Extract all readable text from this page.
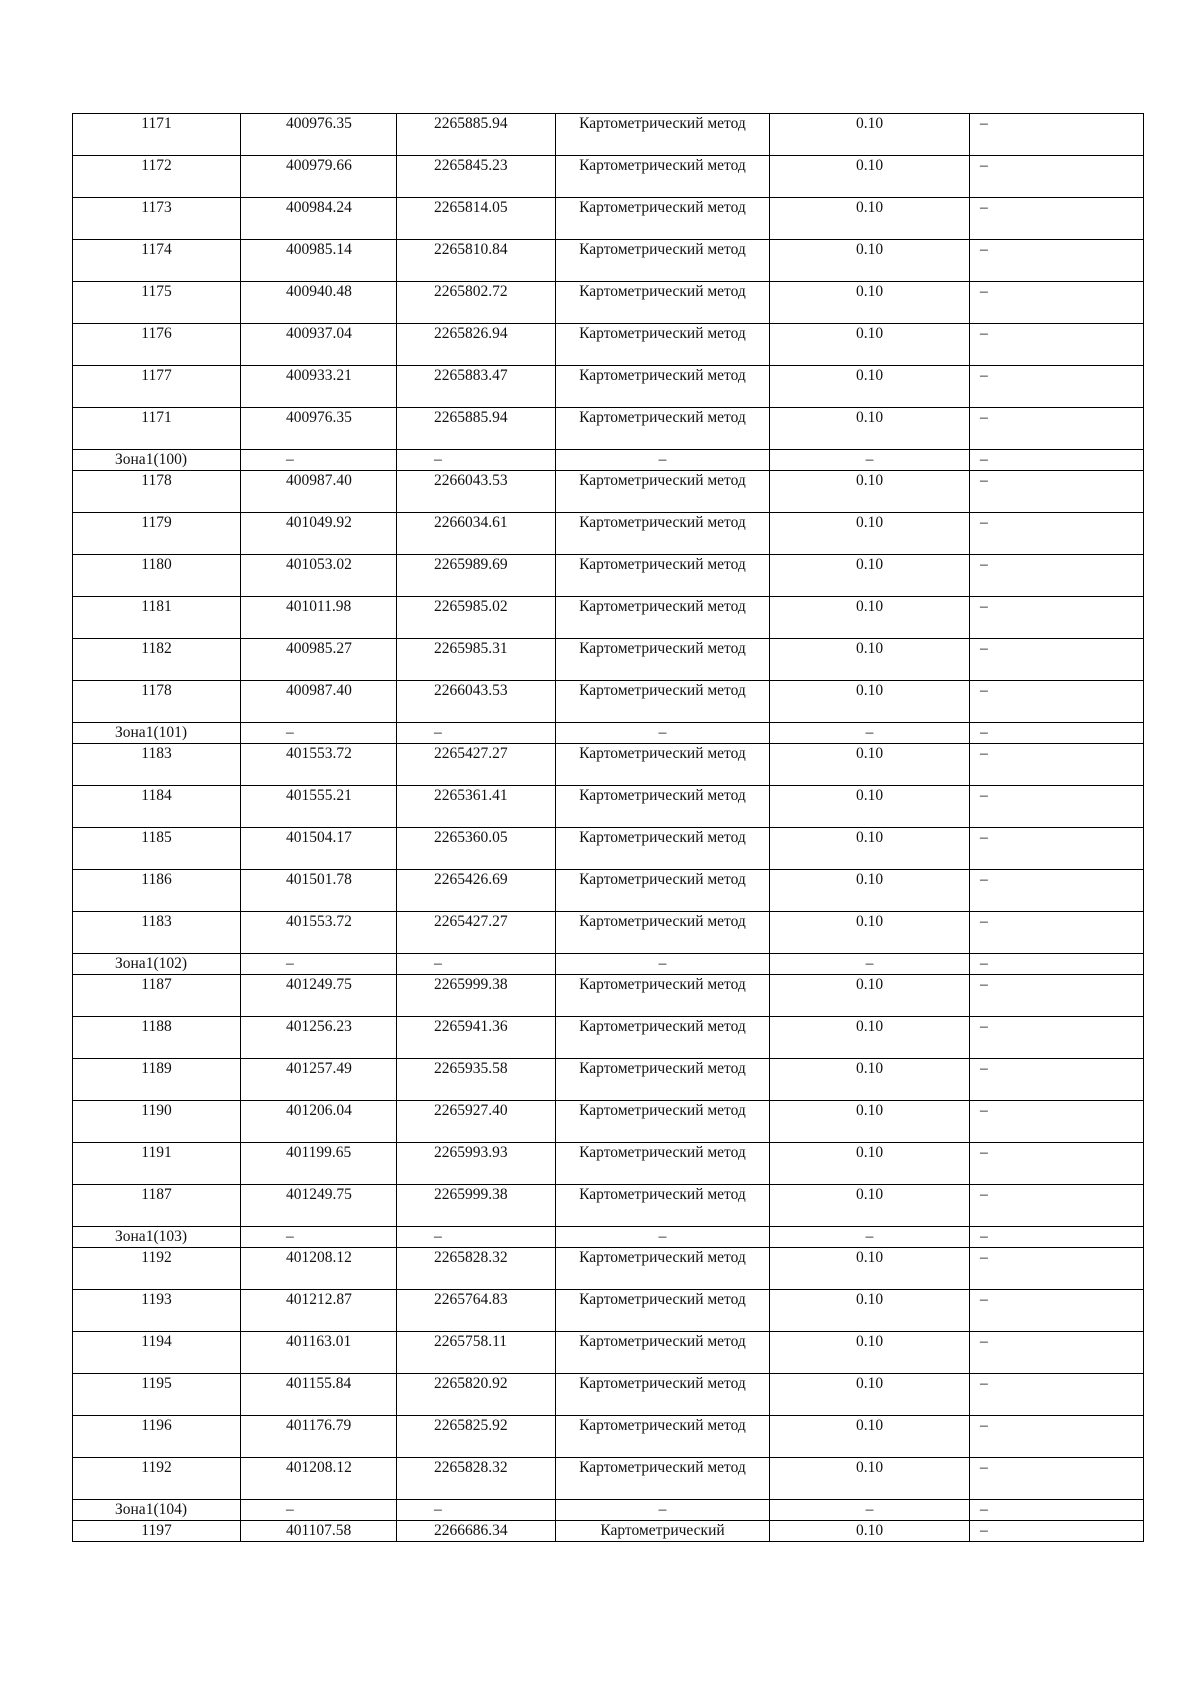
1171	400976.35	2265885.94	Картометрический метод	0.10	–
1172	400979.66	2265845.23	Картометрический метод	0.10	–
1173	400984.24	2265814.05	Картометрический метод	0.10	–
1174	400985.14	2265810.84	Картометрический метод	0.10	–
1175	400940.48	2265802.72	Картометрический метод	0.10	–
1176	400937.04	2265826.94	Картометрический метод	0.10	–
1177	400933.21	2265883.47	Картометрический метод	0.10	–
1171	400976.35	2265885.94	Картометрический метод	0.10	–
Зона1(100)	–	–	–	–	–
1178	400987.40	2266043.53	Картометрический метод	0.10	–
1179	401049.92	2266034.61	Картометрический метод	0.10	–
1180	401053.02	2265989.69	Картометрический метод	0.10	–
1181	401011.98	2265985.02	Картометрический метод	0.10	–
1182	400985.27	2265985.31	Картометрический метод	0.10	–
1178	400987.40	2266043.53	Картометрический метод	0.10	–
Зона1(101)	–	–	–	–	–
1183	401553.72	2265427.27	Картометрический метод	0.10	–
1184	401555.21	2265361.41	Картометрический метод	0.10	–
1185	401504.17	2265360.05	Картометрический метод	0.10	–
1186	401501.78	2265426.69	Картометрический метод	0.10	–
1183	401553.72	2265427.27	Картометрический метод	0.10	–
Зона1(102)	–	–	–	–	–
1187	401249.75	2265999.38	Картометрический метод	0.10	–
1188	401256.23	2265941.36	Картометрический метод	0.10	–
1189	401257.49	2265935.58	Картометрический метод	0.10	–
1190	401206.04	2265927.40	Картометрический метод	0.10	–
1191	401199.65	2265993.93	Картометрический метод	0.10	–
1187	401249.75	2265999.38	Картометрический метод	0.10	–
Зона1(103)	–	–	–	–	–
1192	401208.12	2265828.32	Картометрический метод	0.10	–
1193	401212.87	2265764.83	Картометрический метод	0.10	–
1194	401163.01	2265758.11	Картометрический метод	0.10	–
1195	401155.84	2265820.92	Картометрический метод	0.10	–
1196	401176.79	2265825.92	Картометрический метод	0.10	–
1192	401208.12	2265828.32	Картометрический метод	0.10	–
Зона1(104)	–	–	–	–	–
1197	401107.58	2266686.34	Картометрический	0.10	–
